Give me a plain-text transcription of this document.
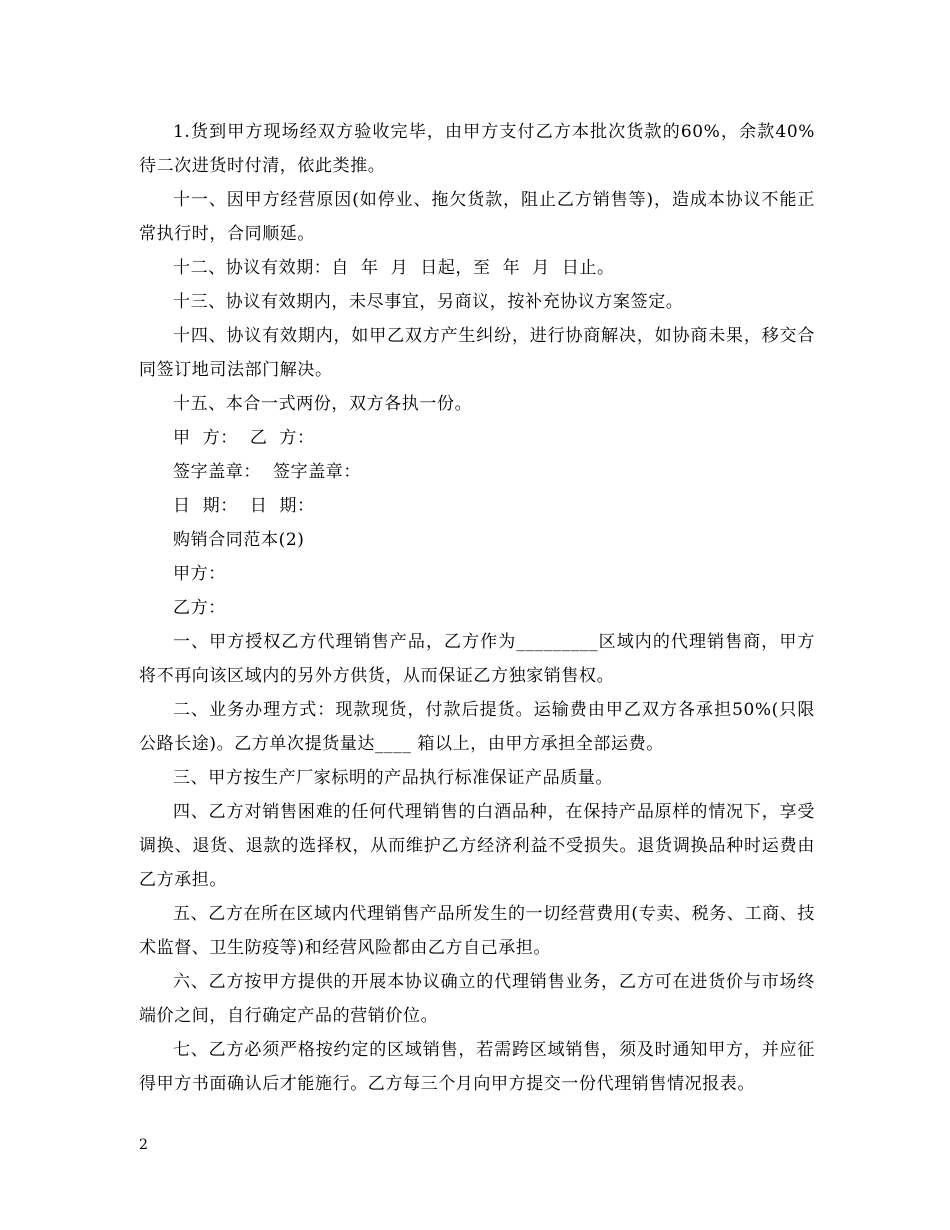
1.货到甲方现场经双方验收完毕，由甲方支付乙方本批次货款的60%，余款40%待二次进货时付清，依此类推。

十一、因甲方经营原因(如停业、拖欠货款，阻止乙方销售等)，造成本协议不能正常执行时，合同顺延。

十二、协议有效期：自  年  月  日起，至  年  月  日止。

十三、协议有效期内，未尽事宜，另商议，按补充协议方案签定。

十四、协议有效期内，如甲乙双方产生纠纷，进行协商解决，如协商未果，移交合同签订地司法部门解决。

十五、本合一式两份，双方各执一份。

甲  方：  乙  方：

签字盖章：  签字盖章：

日  期：  日  期：

购销合同范本(2)

甲方：

乙方：

一、甲方授权乙方代理销售产品，乙方作为_________区域内的代理销售商，甲方将不再向该区域内的另外方供货，从而保证乙方独家销售权。

二、业务办理方式：现款现货，付款后提货。运输费由甲乙双方各承担50%(只限公路长途)。乙方单次提货量达____ 箱以上，由甲方承担全部运费。

三、甲方按生产厂家标明的产品执行标准保证产品质量。

四、乙方对销售困难的任何代理销售的白酒品种，在保持产品原样的情况下，享受调换、退货、退款的选择权，从而维护乙方经济利益不受损失。退货调换品种时运费由乙方承担。

五、乙方在所在区域内代理销售产品所发生的一切经营费用(专卖、税务、工商、技术监督、卫生防疫等)和经营风险都由乙方自己承担。

六、乙方按甲方提供的开展本协议确立的代理销售业务，乙方可在进货价与市场终端价之间，自行确定产品的营销价位。

七、乙方必须严格按约定的区域销售，若需跨区域销售，须及时通知甲方，并应征得甲方书面确认后才能施行。乙方每三个月向甲方提交一份代理销售情况报表。

2
